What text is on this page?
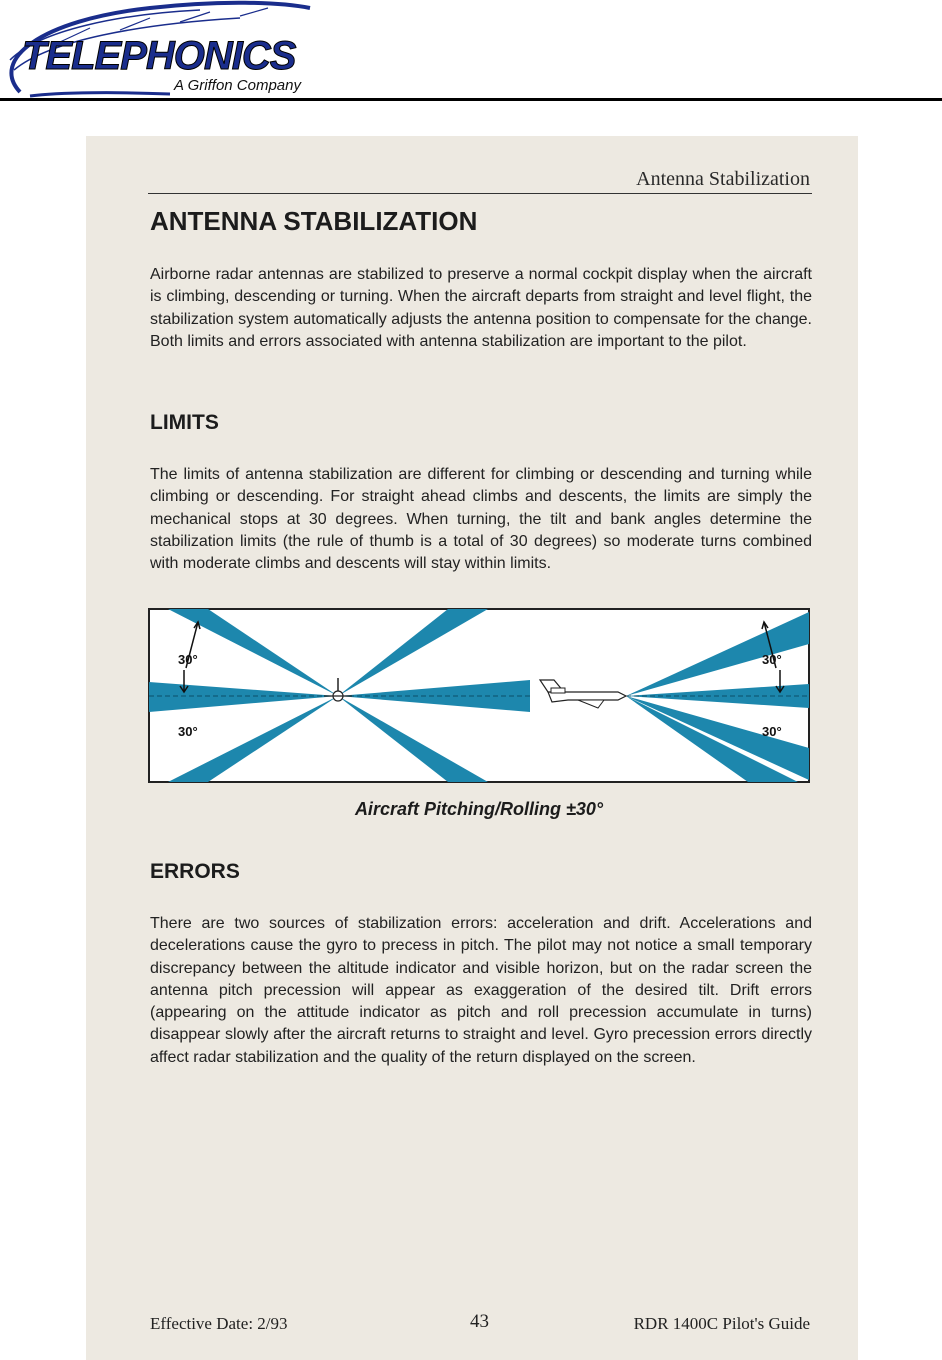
TELEPHONICS
A Griffon Company
Antenna Stabilization
ANTENNA STABILIZATION

Airborne radar antennas are stabilized to preserve a normal cockpit display when the aircraft is climbing, descending or turning. When the aircraft departs from straight and level flight, the stabilization system automatically adjusts the antenna position to compensate for the change. Both limits and errors associated with antenna stabilization are important to the pilot.

LIMITS

The limits of antenna stabilization are different for climbing or descending and turning while climbing or descending. For straight ahead climbs and descents, the limits are simply the mechanical stops at 30 degrees. When turning, the tilt and bank angles determine the stabilization limits (the rule of thumb is a total of 30 degrees) so moderate turns combined with moderate climbs and descents will stay within limits.

30°
30°
30°
30°
Aircraft Pitching/Rolling ±30°
ERRORS

There are two sources of stabilization errors: acceleration and drift. Accelerations and decelerations cause the gyro to precess in pitch. The pilot may not notice a small temporary discrepancy between the altitude indicator and visible horizon, but on the radar screen the antenna pitch precession will appear as exaggeration of the desired tilt. Drift errors (appearing on the attitude indicator as pitch and roll precession accumulate in turns) disappear slowly after the aircraft returns to straight and level. Gyro precession errors directly affect radar stabilization and the quality of the return displayed on the screen.

Effective Date: 2/93	43	RDR 1400C Pilot's Guide
